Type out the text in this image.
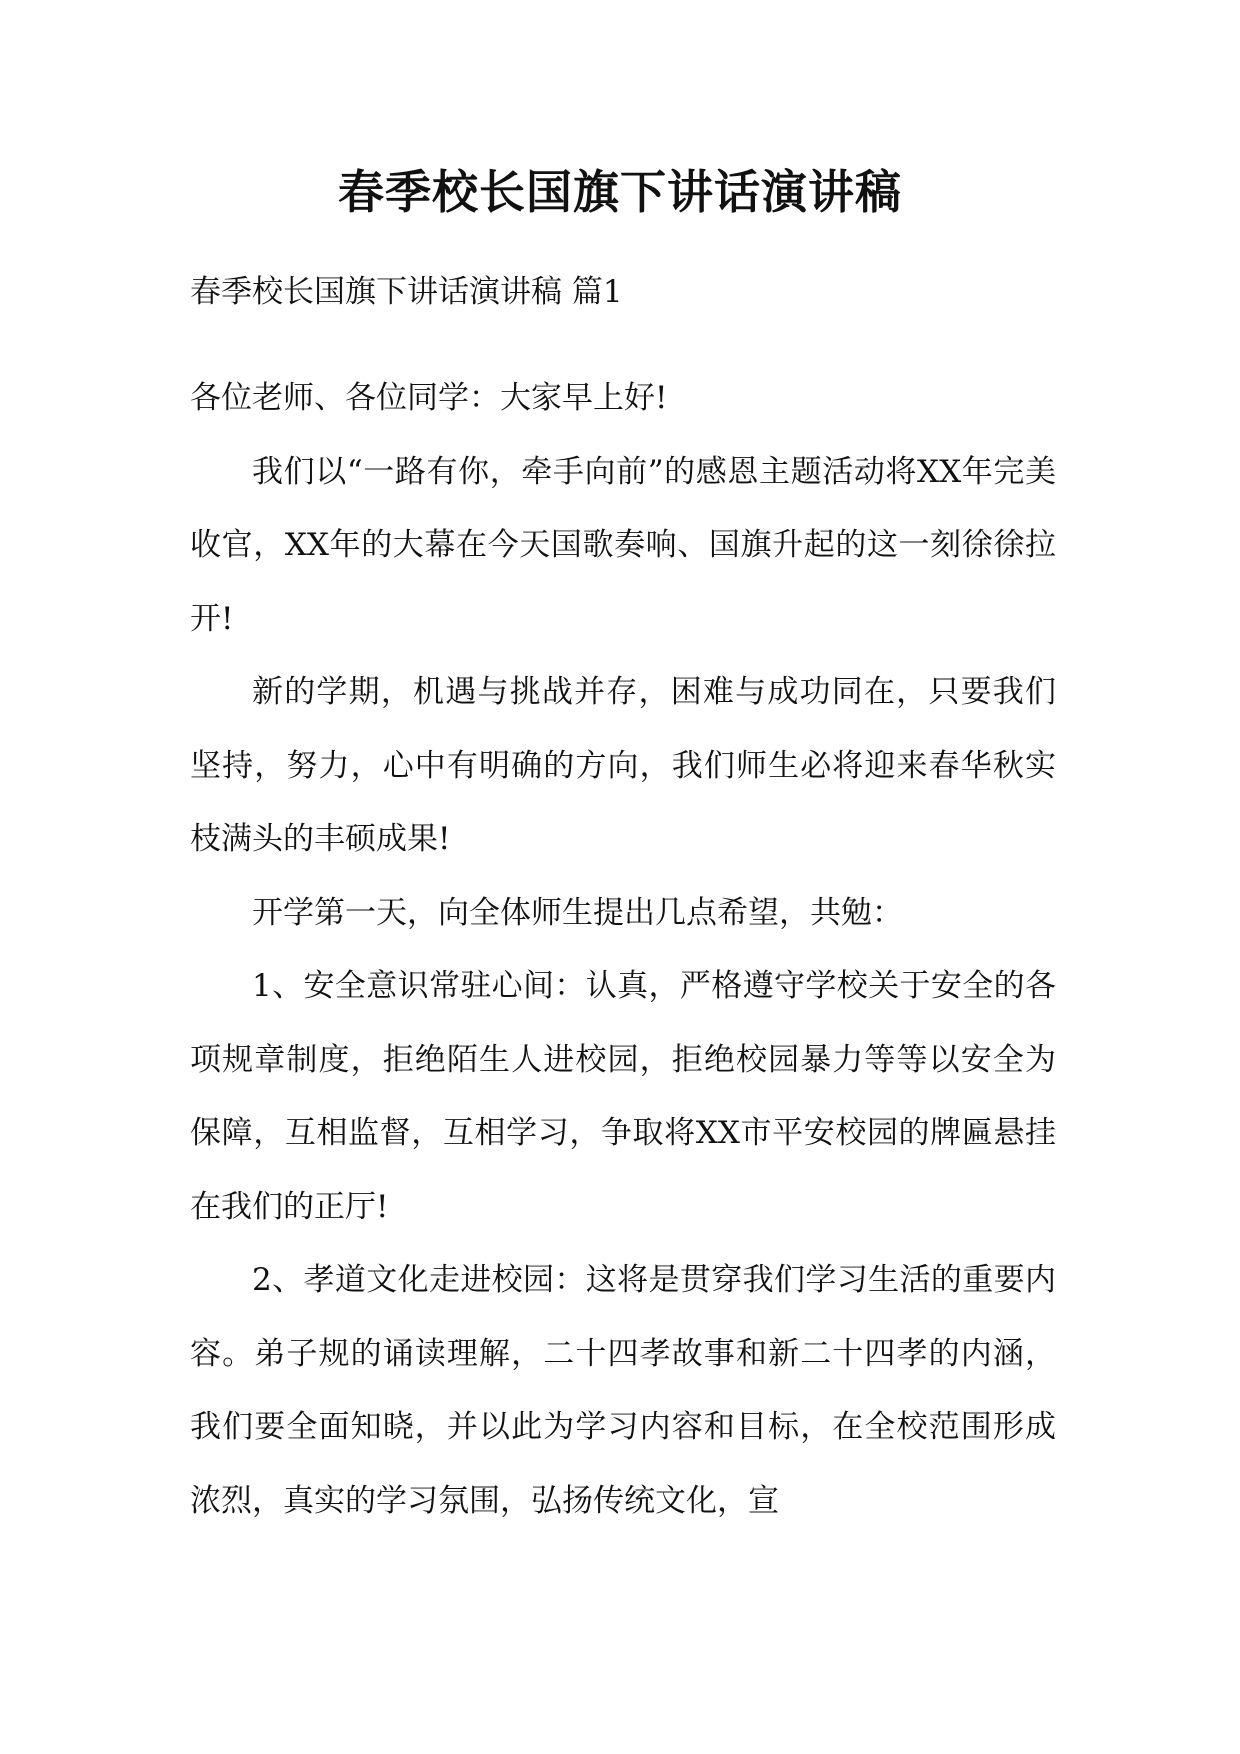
春季校长国旗下讲话演讲稿

春季校长国旗下讲话演讲稿 篇1

各位老师、各位同学：大家早上好!

我们以“一路有你，牵手向前”的感恩主题活动将XX年完美收官，XX年的大幕在今天国歌奏响、国旗升起的这一刻徐徐拉开!

新的学期，机遇与挑战并存，困难与成功同在，只要我们坚持，努力，心中有明确的方向，我们师生必将迎来春华秋实枝满头的丰硕成果!

开学第一天，向全体师生提出几点希望，共勉：

1、安全意识常驻心间：认真，严格遵守学校关于安全的各项规章制度，拒绝陌生人进校园，拒绝校园暴力等等以安全为保障，互相监督，互相学习，争取将XX市平安校园的牌匾悬挂在我们的正厅!

2、孝道文化走进校园：这将是贯穿我们学习生活的重要内容。弟子规的诵读理解，二十四孝故事和新二十四孝的内涵，我们要全面知晓，并以此为学习内容和目标，在全校范围形成浓烈，真实的学习氛围，弘扬传统文化，宣
